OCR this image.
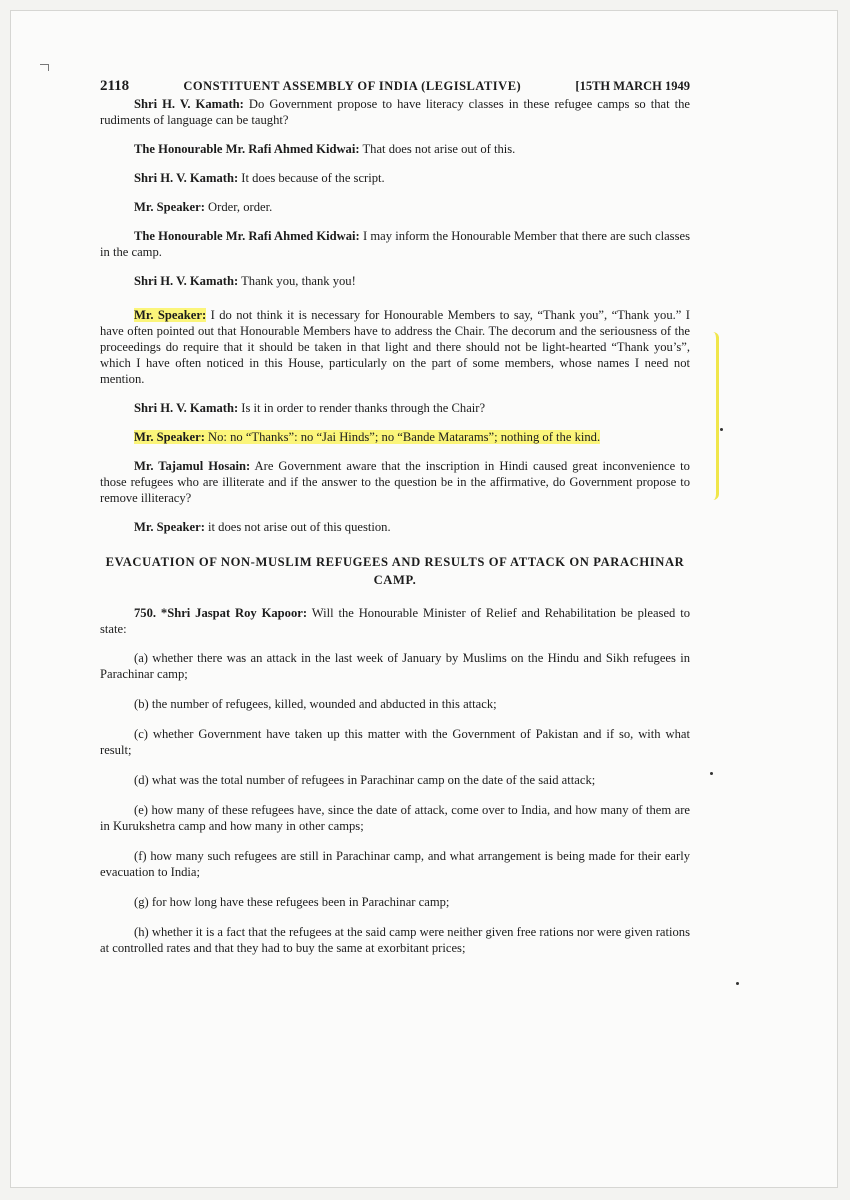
2118	CONSTITUENT ASSEMBLY OF INDIA (LEGISLATIVE)	[15TH MARCH 1949

Shri H. V. Kamath: Do Government propose to have literacy classes in these refugee camps so that the rudiments of language can be taught?

The Honourable Mr. Rafi Ahmed Kidwai: That does not arise out of this.

Shri H. V. Kamath: It does because of the script.

Mr. Speaker: Order, order.

The Honourable Mr. Rafi Ahmed Kidwai: I may inform the Honourable Member that there are such classes in the camp.

Shri H. V. Kamath: Thank you, thank you!

Mr. Speaker: I do not think it is necessary for Honourable Members to say, “Thank you”, “Thank you.” I have often pointed out that Honourable Members have to address the Chair. The decorum and the seriousness of the proceedings do require that it should be taken in that light and there should not be light-hearted “Thank you’s”, which I have often noticed in this House, particularly on the part of some members, whose names I need not mention.

Shri H. V. Kamath: Is it in order to render thanks through the Chair?

Mr. Speaker: No: no “Thanks”: no “Jai Hinds”; no “Bande Matarams”; nothing of the kind.

Mr. Tajamul Hosain: Are Government aware that the inscription in Hindi caused great inconvenience to those refugees who are illiterate and if the answer to the question be in the affirmative, do Government propose to remove illiteracy?

Mr. Speaker: it does not arise out of this question.

EVACUATION OF NON-MUSLIM REFUGEES AND RESULTS OF ATTACK ON PARACHINAR CAMP.

750. *Shri Jaspat Roy Kapoor: Will the Honourable Minister of Relief and Rehabilitation be pleased to state:

(a) whether there was an attack in the last week of January by Muslims on the Hindu and Sikh refugees in Parachinar camp;

(b) the number of refugees, killed, wounded and abducted in this attack;

(c) whether Government have taken up this matter with the Government of Pakistan and if so, with what result;

(d) what was the total number of refugees in Parachinar camp on the date of the said attack;

(e) how many of these refugees have, since the date of attack, come over to India, and how many of them are in Kurukshetra camp and how many in other camps;

(f) how many such refugees are still in Parachinar camp, and what arrangement is being made for their early evacuation to India;

(g) for how long have these refugees been in Parachinar camp;

(h) whether it is a fact that the refugees at the said camp were neither given free rations nor were given rations at controlled rates and that they had to buy the same at exorbitant prices;
